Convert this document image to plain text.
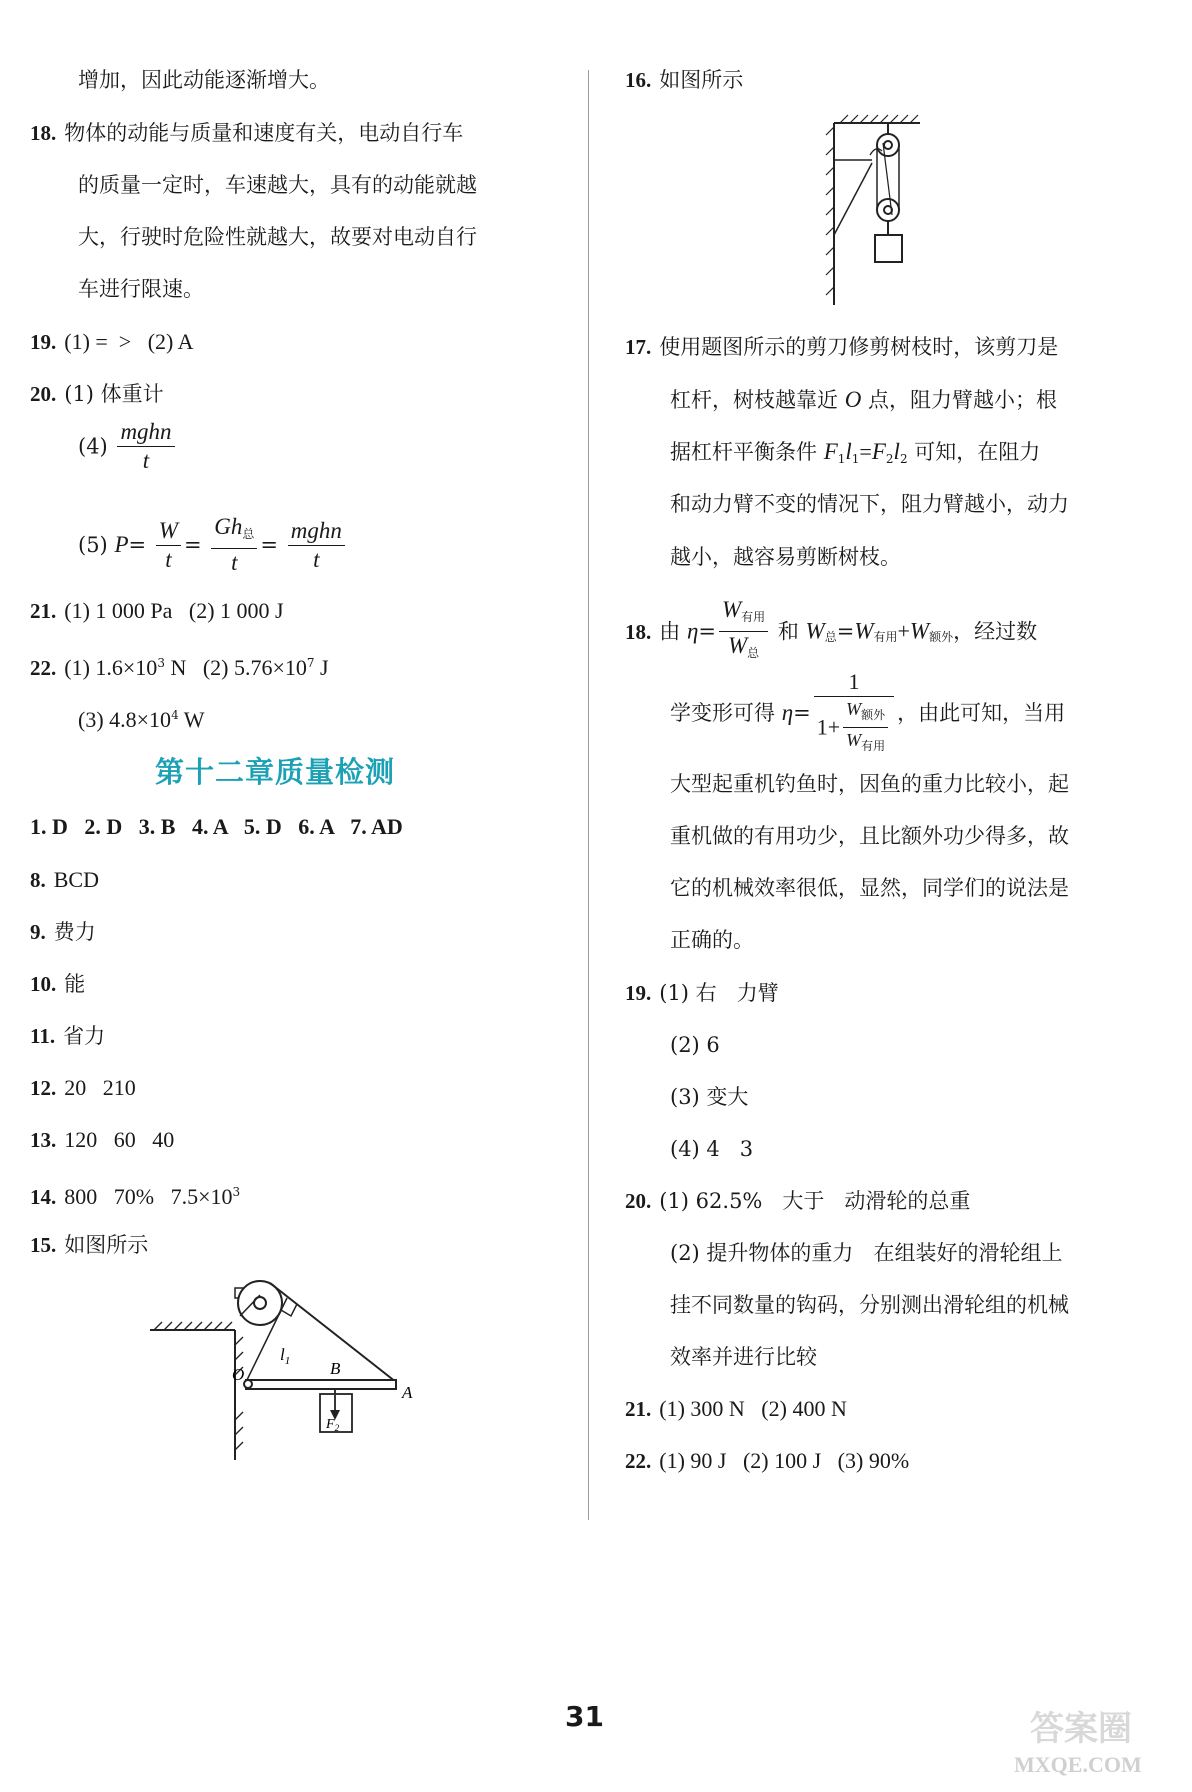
增加，因此动能逐渐增大。
18. 物体的动能与质量和速度有关，电动自行车
的质量一定时，车速越大，具有的动能就越
大，行驶时危险性就越大，故要对电动自行
车进行限速。
19. (1) =  >   (2) A
20. (1) 体重计
$(4) \frac{\text{mghn}}{t}$
(5) $P= \frac{W}{t} = \frac{Gh_总}{t} = \frac{\text{mghn}}{t}$
21. (1) 1 000 Pa   (2) 1 000 J
22. (1) $1.6\times 10^3$ N   (2) $5.76\times 10^7$ J
(3) $4.8\times 10^4$ W
1. D   2. D   3. B   4. A   5. D   6. A   7. AD
8. BCD
9. 费力
10. 能
11. 省力
12. 20   210
13. 120   60   40
14. 800   70%   $7.5\times 10^3$
15. 如图所示
第十二章质量检测
O
$l_1$ B
A
$F_2$
16. 如图所示
17. 使用题图所示的剪刀修剪树枝时，该剪刀是
杠杆，树枝越靠近 O 点，阻力臂越小；根
据杠杆平衡条件 $F_1l_1=F_2l_2$ 可知，在阻力
和动力臂不变的情况下，阻力臂越小，动力
越小，越容易剪断树枝。
18. 由 $\eta= \frac{W_{有用}}{W_总}$ 和 $W_总=W_{有用}+W_{额外}$，经过数
学变形可得 $\eta= \frac{1}{1+ \frac{W_{额外}}{W_{有用}}}$ ，由此可知，当用
大型起重机钓鱼时，因鱼的重力比较小，起
重机做的有用功少，且比额外功少得多，故
它的机械效率很低，显然，同学们的说法是
正确的。
19. (1) 右   力臂
(2) 6
(3) 变大
(4) 4   3
20. (1) 62.5%   大于   动滑轮的总重
(2) 提升物体的重力   在组装好的滑轮组上
挂不同数量的钩码，分别测出滑轮组的机械
效率并进行比较
21. (1) 300 N   (2) 400 N
22. (1) 90 J   (2) 100 J   (3) 90%
31	答案圈
MXQE.COM
